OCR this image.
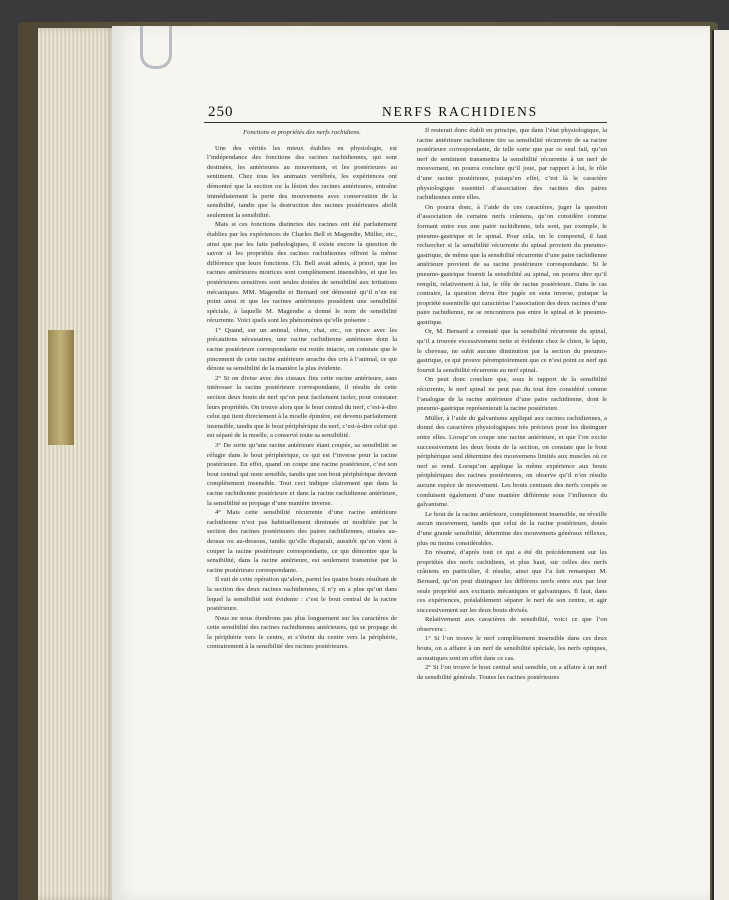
250	NERFS RACHIDIENS
Fonctions et propriétés des nerfs rachidiens.

Une des vérités les mieux établies en physiologie, est l’indépendance des fonctions des racines rachidiennes, qui sont destinées, les antérieures au mouvement, et les postérieures au sentiment. Chez tous les animaux vertébrés, les expériences ont démontré que la section ou la lésion des racines antérieures, entraîne immédiatement la perte des mouvemens avec conservation de la sensibilité, tandis que la destruction des racines postérieures abolit seulement la sensibilité.

Mais si ces fonctions distinctes des racines ont été parfaitement établies par les expériences de Charles Bell et Magendie, Müller, etc., ainsi que par les faits pathologiques, il existe encore la question de savoir si les propriétés des racines rachidiennes offrent la même différence que leurs fonctions. Ch. Bell avait admis, à priori, que les racines antérieures motrices sont complètement insensibles, et que les postérieures sensitives sont seules douées de sensibilité aux irritations mécaniques. MM. Magendie et Bernard ont démontré qu’il n’en est point ainsi et que les racines antérieures possèdent une sensibilité spéciale, à laquelle M. Magendie a donné le nom de sensibilité récurrente. Voici quels sont les phénomènes qu’elle présente :

1° Quand, sur un animal, chien, chat, etc., on pince avec les précautions nécessaires, une racine rachidienne antérieure dont la racine postérieure correspondante est restée intacte, on constate que le pincement de cette racine antérieure arrache des cris à l’animal, ce qui dénote sa sensibilité de la manière la plus évidente.

2° Si on divise avec des ciseaux fins cette racine antérieure, sans intéresser la racine postérieure correspondante, il résulte de cette section deux bouts de nerf qu’on peut facilement isoler, pour constater leurs propriétés. On trouve alors que le bout central du nerf, c’est-à-dire celui qui tient directement à la moelle épinière, est devenu parfaitement insensible, tandis que le bout périphérique du nerf, c’est-à-dire celui qui est séparé de la moelle, a conservé toute sa sensibilité.

3° De sorte qu’une racine antérieure étant coupée, sa sensibilité se réfugie dans le bout périphérique, ce qui est l’inverse pour la racine postérieure. En effet, quand on coupe une racine postérieure, c’est son bout central qui reste sensible, tandis que son bout périphérique devient complètement insensible. Tout ceci indique clairement que dans la racine rachidienne postérieure et dans la racine rachidienne antérieure, la sensibilité se propage d’une manière inverse.

4° Mais cette sensibilité récurrente d’une racine antérieure rachidienne n’est pas habituellement diminuée ni modifiée par la section des racines postérieures des paires rachidiennes, situées au-dessus ou au-dessous, tandis qu’elle disparaît, aussitôt qu’on vient à couper la racine postérieure correspondante, ce qui démontre que la sensibilité, dans la racine antérieure, est seulement transmise par la racine postérieure correspondante.

Il suit de cette opération qu’alors, parmi les quatre bouts résultant de la section des deux racines rachidiennes, il n’y en a plus qu’un dans lequel la sensibilité soit évidente : c’est le bout central de la racine postérieure.

Nous ne nous étendrons pas plus longuement sur les caractères de cette sensibilité des racines rachidiennes antérieures, qui se propage de la périphérie vers le centre, et s’éteint du centre vers la périphérie, contrairement à la sensibilité des racines postérieures.

Il resterait donc établi en principe, que dans l’état physiologique, la racine antérieure rachidienne tire sa sensibilité récurrente de sa racine postérieure correspondante, de telle sorte que par ce seul fait, qu’un nerf de sentiment transmettra la sensibilité récurrente à un nerf de mouvement, on pourra conclure qu’il joue, par rapport à lui, le rôle d’une racine postérieure, puisqu’en effet, c’est là le caractère physiologique essentiel d’association des racines des paires rachidiennes entre elles.

On pourra donc, à l’aide de ces caractères, juger la question d’association de certains nerfs crâniens, qu’on considère comme formant entre eux une paire rachidienne, tels sont, par exemple, le pneumo-gastrique et le spinal. Pour cela, on le comprend, il faut rechercher si la sensibilité récurrente du spinal provient du pneumo-gastrique, de même que la sensibilité récurrente d’une paire rachidienne antérieure provient de sa racine postérieure correspondante. Si le pneumo-gastrique fournit la sensibilité au spinal, on pourra dire qu’il remplit, relativement à lui, le rôle de racine postérieure. Dans le cas contraire, la question devra être jugée en sens inverse, puisque la propriété essentielle qui caractérise l’association des deux racines d’une paire rachidienne, ne se rencontrera pas entre le spinal et le pneumo-gastrique.

Or, M. Bernard a constaté que la sensibilité récurrente du spinal, qu’il a trouvée excessivement nette et évidente chez le chien, le lapin, le cheveau, ne subit aucune diminution par la section du pneumo-gastrique, ce qui prouve péremptoirement que ce n’est point ce nerf qui fournit la sensibilité récurrente au nerf spinal.

On peut donc conclure que, sous le rapport de la sensibilité récurrente, le nerf spinal ne peut pas du tout être considéré comme l’analogue de la racine antérieure d’une paire rachidienne, dont le pneumo-gastrique représenterait la racine postérieure.

Müller, à l’aide du galvanisme appliqué aux racines rachidiennes, a donné des caractères physiologiques très précieux pour les distinguer entre elles. Lorsqu’on coupe une racine antérieure, et que l’on excite successivement les deux bouts de la section, on constate que le bout périphérique seul détermine des mouvemens limités aux muscles où ce nerf se rend. Lorsqu’on applique la même expérience aux bouts périphériques des racines postérieures, on observe qu’il n’en résulte aucune espèce de mouvement. Les bouts centraux des nerfs coupés se conduisent également d’une manière différente sous l’influence du galvanisme.

Le bout de la racine antérieure, complètement insensible, ne réveille aucun mouvement, tandis que celui de la racine postérieure, douée d’une grande sensibilité, détermine des mouvemens généraux réflexes, plus ou moins considérables.

En résumé, d’après tout ce qui a été dit précédemment sur les propriétés des nerfs rachidiens, et plus haut, sur celles des nerfs crâniens en particulier, il résulte, ainsi que l’a fait remarquer M. Bernard, qu’on peut distinguer les différens nerfs entre eux par leur seule propriété aux excitants mécaniques et galvaniques. Il faut, dans ces expériences, préalablement séparer le nerf de son centre, et agir successivement sur les deux bouts divisés.

Relativement aux caractères de sensibilité, voici ce que l’on observera :

1° Si l’on trouve le nerf complètement insensible dans ces deux bouts, on a affaire à un nerf de sensibilité spéciale, les nerfs optiques, acoustiques sont en effet dans ce cas.

2° Si l’on trouve le bout central seul sensible, on a affaire à un nerf de sensibilité générale. Toutes les racines postérieures
